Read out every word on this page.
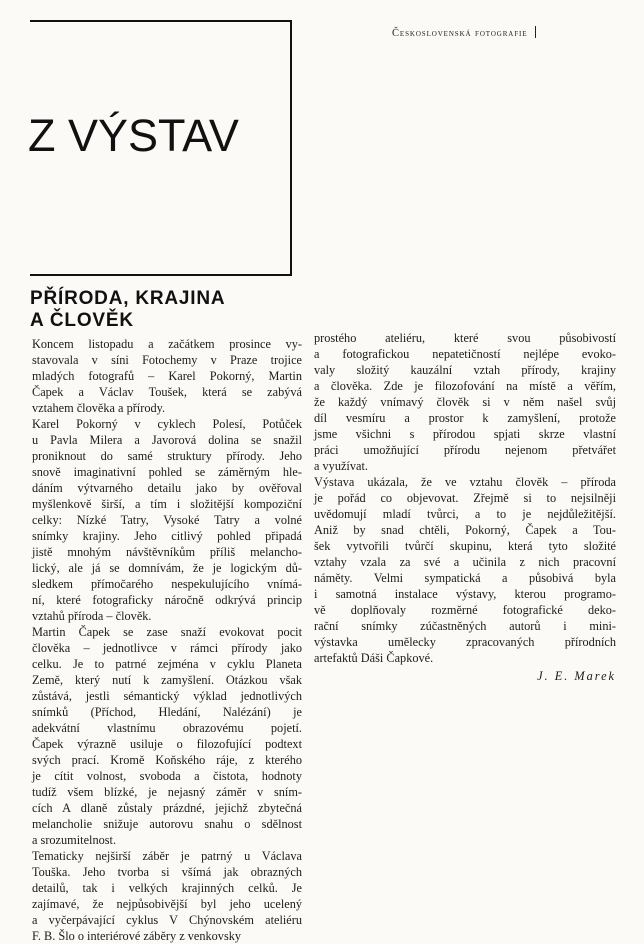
Československá fotografie
Z VÝSTAV
PŘÍRODA, KRAJINA
A ČLOVĚK

Koncem listopadu a začátkem prosince vy-
stavovala v síni Fotochemy v Praze trojice
mladých fotografů – Karel Pokorný, Martin
Čapek a Václav Toušek, která se zabývá
vztahem člověka a přírody.

Karel Pokorný v cyklech Polesí, Potůček
u Pavla Milera a Javorová dolina se snažil
proniknout do samé struktury přírody. Jeho
snově imaginativní pohled se záměrným hle-
dáním výtvarného detailu jako by ověřoval
myšlenkově širší, a tím i složitější kompoziční
celky: Nízké Tatry, Vysoké Tatry a volné
snímky krajiny. Jeho citlivý pohled připadá
jistě mnohým návštěvníkům příliš melancho-
lický, ale já se domnívám, že je logickým dů-
sledkem přímočarého nespekulujícího vnímá-
ní, které fotograficky náročně odkrývá princip
vztahů příroda – člověk.

Martin Čapek se zase snaží evokovat pocit
člověka – jednotlivce v rámci přírody jako
celku. Je to patrné zejména v cyklu Planeta
Země, který nutí k zamyšlení. Otázkou však
zůstává, jestli sémantický výklad jednotlivých
snímků (Příchod, Hledání, Nalézání) je
adekvátní vlastnímu obrazovému pojetí.
Čapek výrazně usiluje o filozofující podtext
svých prací. Kromě Koňského ráje, z kterého
je cítit volnost, svoboda a čistota, hodnoty
tudíž všem blízké, je nejasný záměr v sním-
cích A dlaně zůstaly prázdné, jejichž zbytečná
melancholie snižuje autorovu snahu o sdělnost
a srozumitelnost.

Tematicky nejširší záběr je patrný u Václava
Touška. Jeho tvorba si všímá jak obrazných
detailů, tak i velkých krajinných celků. Je
zajímavé, že nejpůsobivější byl jeho ucelený
a vyčerpávající cyklus V Chýnovském ateliéru
F. B. Šlo o interiérové záběry z venkovsky

prostého ateliéru, které svou působivostí
a fotografickou nepatetičností nejlépe evoko-
valy složitý kauzální vztah přírody, krajiny
a člověka. Zde je filozofování na místě a věřím,
že každý vnímavý člověk si v něm našel svůj
díl vesmíru a prostor k zamyšlení, protože
jsme všichni s přírodou spjati skrze vlastní
práci umožňující přírodu nejenom přetvářet
a využívat.

Výstava ukázala, že ve vztahu člověk – příroda
je pořád co objevovat. Zřejmě si to nejsilněji
uvědomují mladí tvůrci, a to je nejdůležitější.
Aniž by snad chtěli, Pokorný, Čapek a Tou-
šek vytvořili tvůrčí skupinu, která tyto složité
vztahy vzala za své a učinila z nich pracovní
náměty. Velmi sympatická a působivá byla
i samotná instalace výstavy, kterou programo-
vě doplňovaly rozměrné fotografické deko-
rační snímky zúčastněných autorů i mini-
výstavka umělecky zpracovaných přírodních
artefaktů Dáši Čapkové.

J. E. Marek
